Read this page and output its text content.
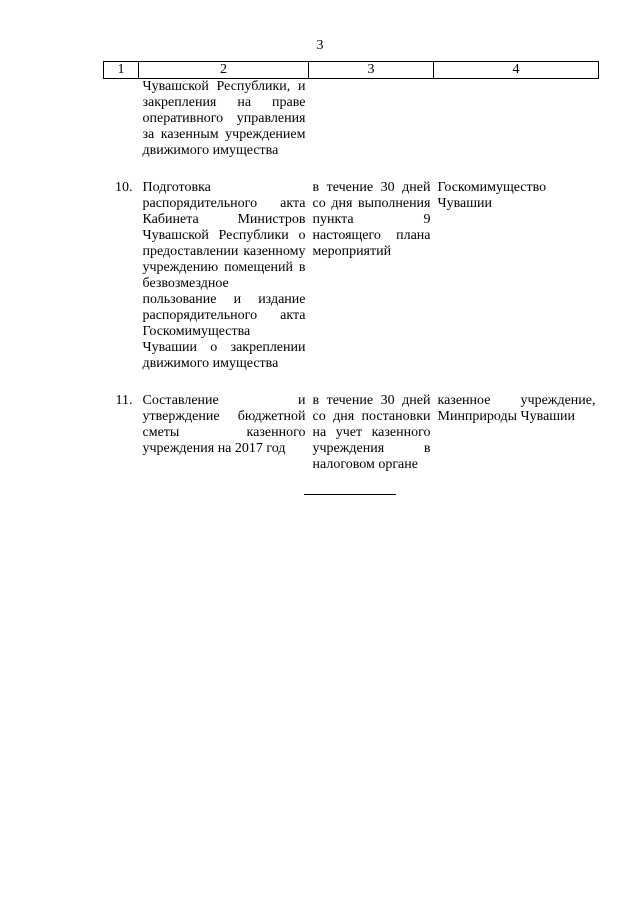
3
1	2	3	4
	Чувашской Республики, и закрепления на праве оперативного управления за казенным учреждением движимого имущества		
10.	Подготовка распорядительного акта Кабинета Министров Чувашской Республики о предоставлении казенному учреждению помещений в безвозмездное пользование и издание распорядительного акта Госкомимущества Чувашии о закреплении движимого имущества	в течение 30 дней со дня выполнения пункта 9 настоящего плана мероприятий	Госкомимущество Чувашии
11.	Составление и утверждение бюджетной сметы казенного учреждения на 2017 год	в течение 30 дней со дня постановки на учет казенного учреждения в налоговом органе	казенное учреждение, Минприроды Чувашии
